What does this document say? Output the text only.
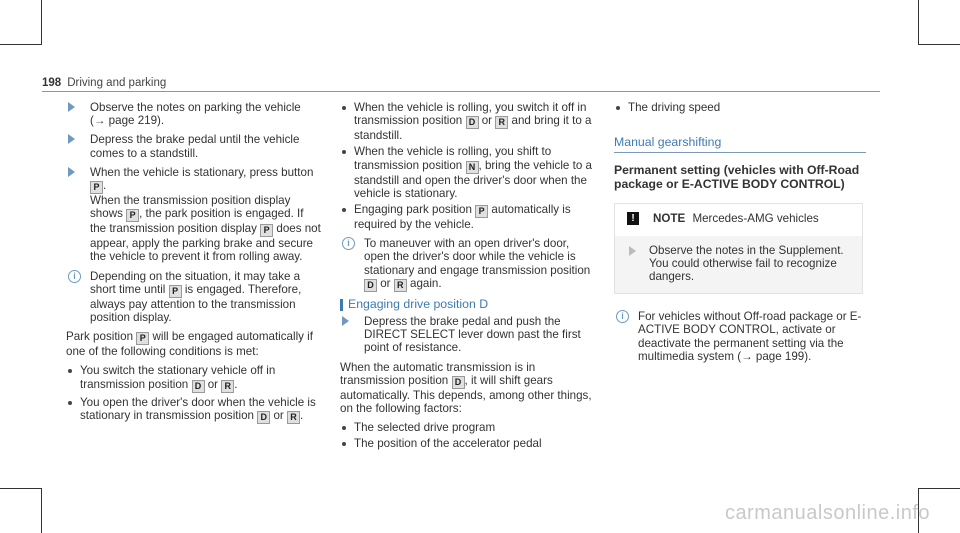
198 Driving and parking
Observe the notes on parking the vehicle
(→ page 219).
Depress the brake pedal until the vehicle comes to a standstill.
When the vehicle is stationary, press button
P .
When the transmission position display shows P , the park position is engaged. If the transmission position display P does not appear, apply the parking brake and secure the vehicle to prevent it from rolling away.
i	Depending on the situation, it may take a short time until P is engaged. Therefore, always pay attention to the transmission position display.
Park position P will be engaged automatically if one of the following conditions is met:
You switch the stationary vehicle off in transmission position D or R .
You open the driver's door when the vehicle is stationary in transmission position D or R .
When the vehicle is rolling, you switch it off in transmission position D or R and bring it to a standstill.
When the vehicle is rolling, you shift to transmission position N , bring the vehicle to a standstill and open the driver's door when the vehicle is stationary.
Engaging park position P automatically is required by the vehicle.
i	To maneuver with an open driver's door, open the driver's door while the vehicle is stationary and engage transmission position D or R again.
Engaging drive position D
Depress the brake pedal and push the DIRECT SELECT lever down past the first point of resistance.
When the automatic transmission is in transmission position D , it will shift gears automatically. This depends, among other things, on the following factors:
The selected drive program
The position of the accelerator pedal
The driving speed
Manual gearshifting
Permanent setting (vehicles with Off-Road package or E-ACTIVE BODY CONTROL)
!	NOTE Mercedes-AMG vehicles
Observe the notes in the Supplement. You could otherwise fail to recognize dangers.
i	For vehicles without Off-road package or E-ACTIVE BODY CONTROL, activate or deactivate the permanent setting via the multimedia system (→ page 199).
carmanualsonline.info
